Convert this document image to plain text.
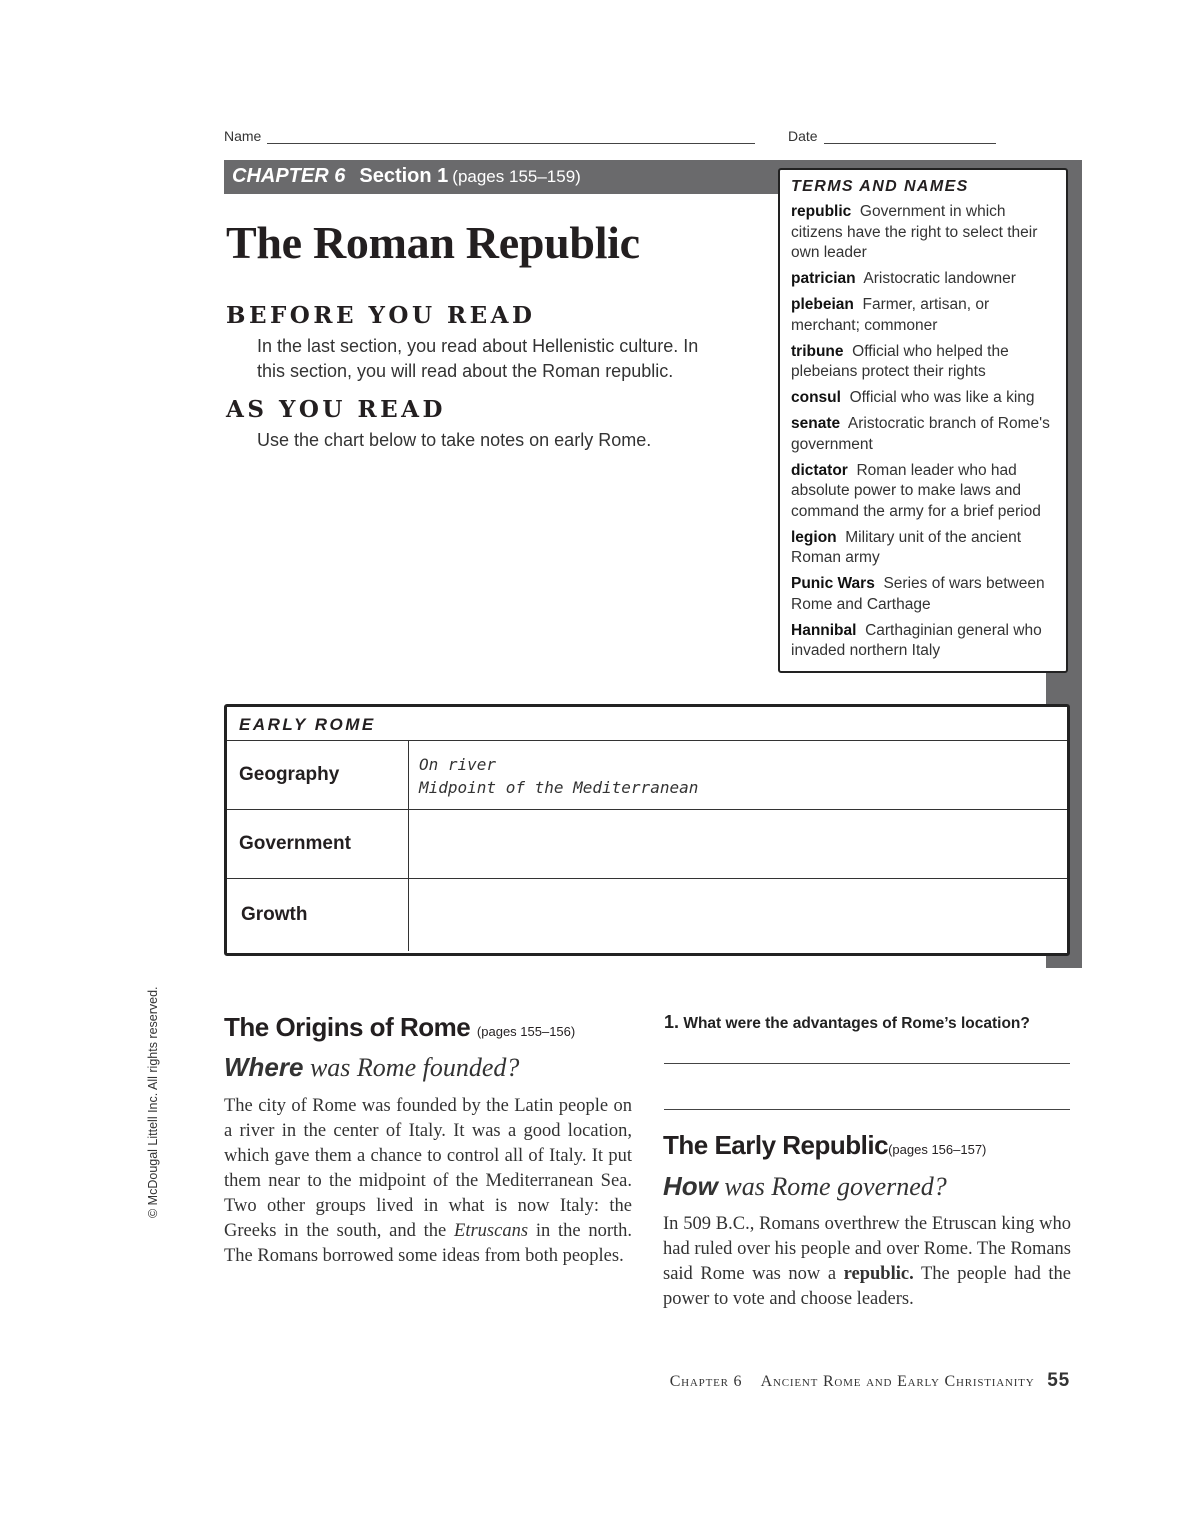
Name	Date
CHAPTER 6 Section 1 (pages 155–159)
The Roman Republic
BEFORE YOU READ
In the last section, you read about Hellenistic culture. In
this section, you will read about the Roman republic.
AS YOU READ
Use the chart below to take notes on early Rome.
TERMS AND NAMES
republic Government in which citizens have the right to select their own leader
patrician Aristocratic landowner
plebeian Farmer, artisan, or merchant; commoner
tribune Official who helped the plebeians protect their rights
consul Official who was like a king
senate Aristocratic branch of Rome's government
dictator Roman leader who had absolute power to make laws and command the army for a brief period
legion Military unit of the ancient Roman army
Punic Wars Series of wars between Rome and Carthage
Hannibal Carthaginian general who invaded northern Italy
EARLY ROME
Geography	On river
Midpoint of the Mediterranean
Government
Growth
© McDougal Littell Inc. All rights reserved. The Origins of Rome (pages 155–156)
Where was Rome founded?
The city of Rome was founded by the Latin people on a river in the center of Italy. It was a good location, which gave them a chance to control all of Italy. It put them near to the midpoint of the Mediterranean Sea. Two other groups lived in what is now Italy: the Greeks in the south, and the Etruscans in the north. The Romans borrowed some ideas from both peoples.
1. What were the advantages of Rome’s location?
The Early Republic(pages 156–157)
How was Rome governed?
In 509 B.C., Romans overthrew the Etruscan king who had ruled over his people and over Rome. The Romans said Rome was now a republic. The people had the power to vote and choose leaders.
Chapter 6 Ancient Rome and Early Christianity 55
